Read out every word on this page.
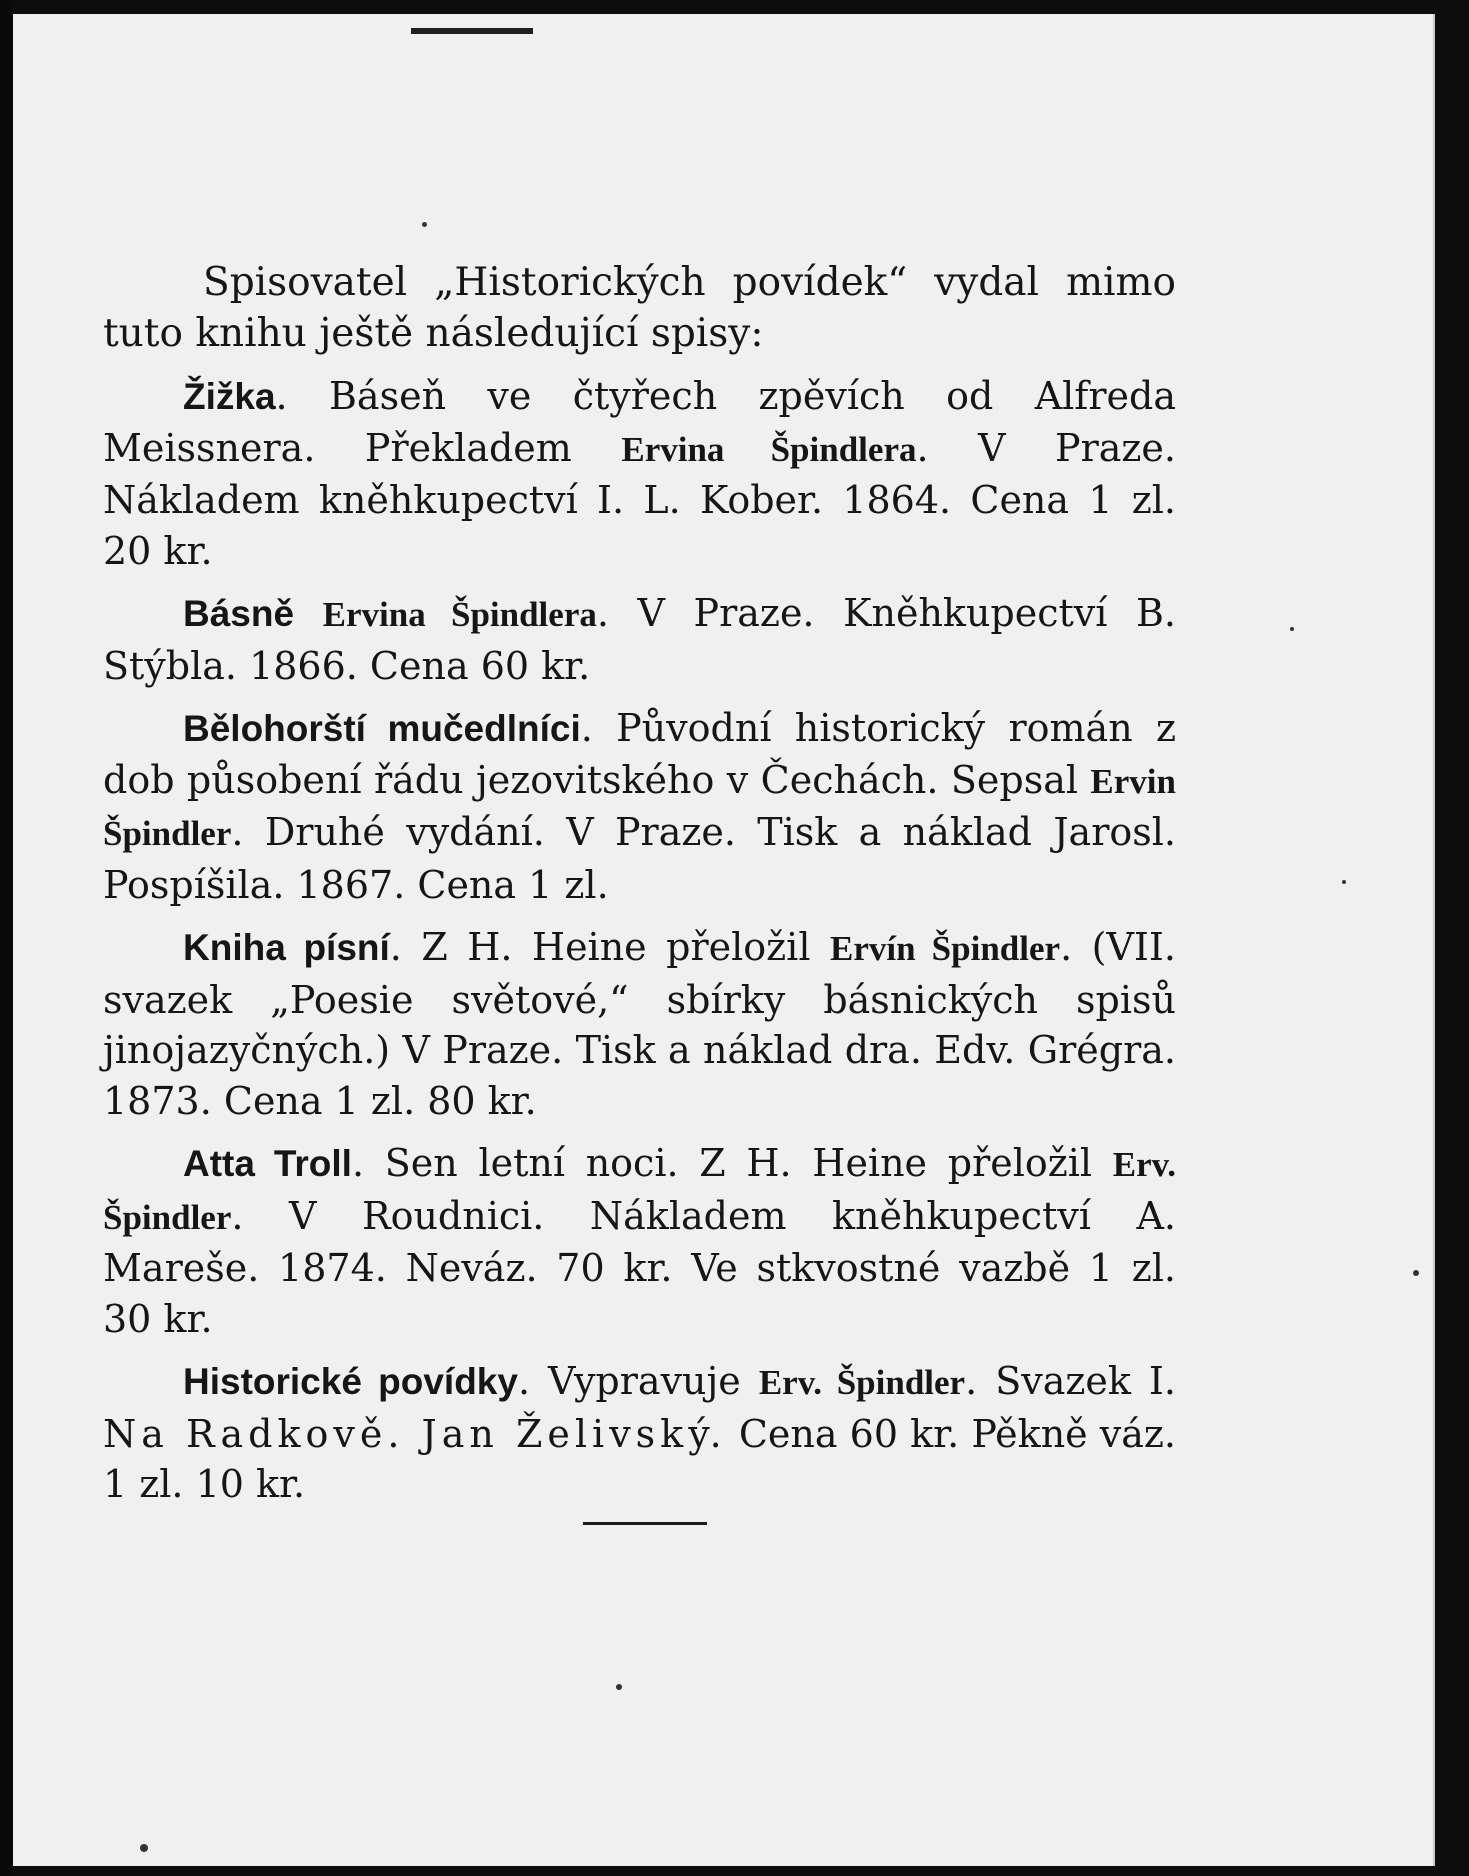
Spisovatel „Historických povídek“ vydal mimo tuto knihu ještě následující spisy:

Žižka. Báseň ve čtyřech zpěvích od Alfreda Meissnera. Překladem Ervina Špindlera. V Praze. Nákladem kněhkupectví I. L. Kober. 1864. Cena 1 zl. 20 kr.

Básně Ervina Špindlera. V Praze. Kněhkupectví B. Stýbla. 1866. Cena 60 kr.

Bělohorští mučedlníci. Původní historický román z dob působení řádu jezovitského v Čechách. Sepsal Ervin Špindler. Druhé vydání. V Praze. Tisk a náklad Jarosl. Pospíšila. 1867. Cena 1 zl.

Kniha písní. Z H. Heine přeložil Ervín Špindler. (VII. svazek „Poesie světové,“ sbírky básnických spisů jinojazyčných.) V Praze. Tisk a náklad dra. Edv. Grégra. 1873. Cena 1 zl. 80 kr.

Atta Troll. Sen letní noci. Z H. Heine přeložil Erv. Špindler. V Roudnici. Nákladem kněhkupectví A. Mareše. 1874. Neváz. 70 kr. Ve stkvostné vazbě 1 zl. 30 kr.

Historické povídky. Vypravuje Erv. Špindler. Svazek I. Na Radkově. Jan Želivský. Cena 60 kr. Pěkně váz. 1 zl. 10 kr.
